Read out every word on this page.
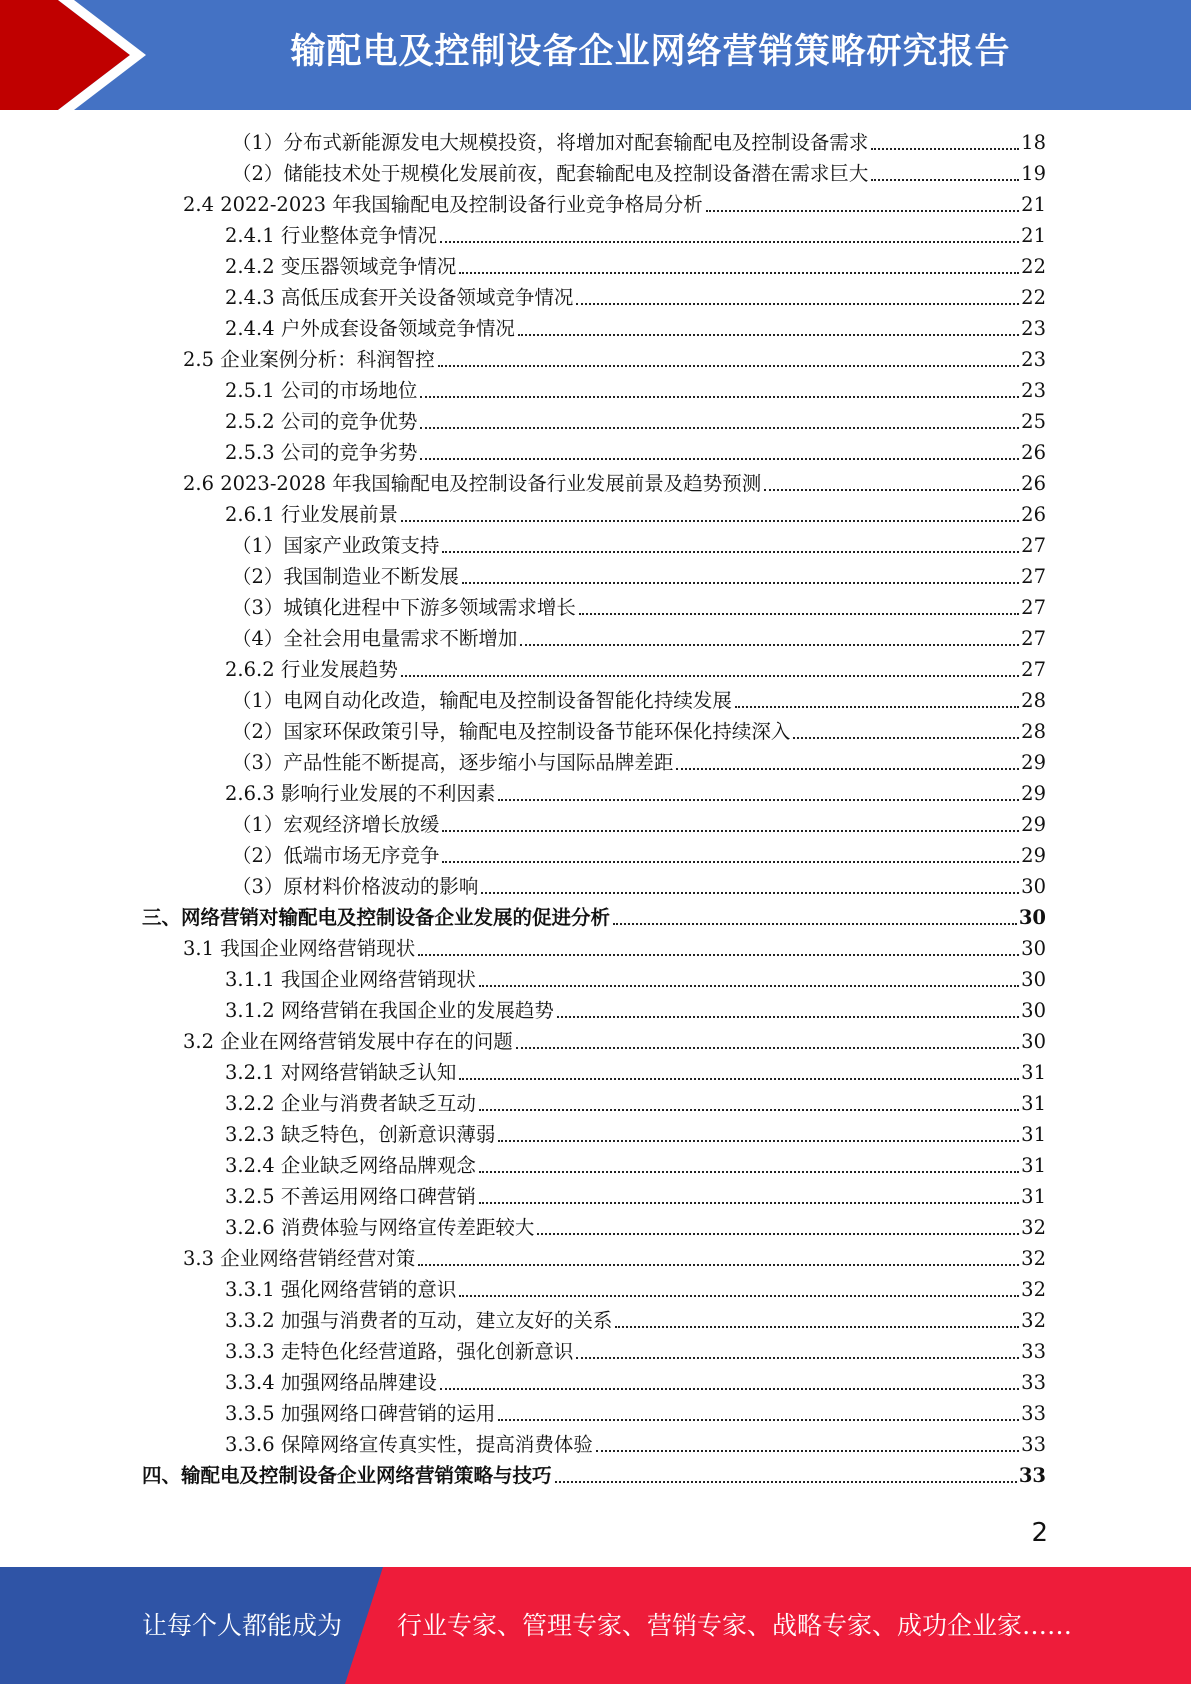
输配电及控制设备企业网络营销策略研究报告
（1）分布式新能源发电大规模投资，将增加对配套输配电及控制设备需求	18
（2）储能技术处于规模化发展前夜，配套输配电及控制设备潜在需求巨大	19
2.4 2022-2023 年我国输配电及控制设备行业竞争格局分析	21
2.4.1 行业整体竞争情况	21
2.4.2 变压器领域竞争情况	22
2.4.3 高低压成套开关设备领域竞争情况	22
2.4.4 户外成套设备领域竞争情况	23
2.5 企业案例分析：科润智控	23
2.5.1 公司的市场地位	23
2.5.2 公司的竞争优势	25
2.5.3 公司的竞争劣势	26
2.6 2023-2028 年我国输配电及控制设备行业发展前景及趋势预测	26
2.6.1 行业发展前景	26
（1）国家产业政策支持	27
（2）我国制造业不断发展	27
（3）城镇化进程中下游多领域需求增长	27
（4）全社会用电量需求不断增加	27
2.6.2 行业发展趋势	27
（1）电网自动化改造，输配电及控制设备智能化持续发展	28
（2）国家环保政策引导，输配电及控制设备节能环保化持续深入	28
（3）产品性能不断提高，逐步缩小与国际品牌差距	29
2.6.3 影响行业发展的不利因素	29
（1）宏观经济增长放缓	29
（2）低端市场无序竞争	29
（3）原材料价格波动的影响	30
三、网络营销对输配电及控制设备企业发展的促进分析	30
3.1 我国企业网络营销现状	30
3.1.1 我国企业网络营销现状	30
3.1.2 网络营销在我国企业的发展趋势	30
3.2 企业在网络营销发展中存在的问题	30
3.2.1 对网络营销缺乏认知	31
3.2.2 企业与消费者缺乏互动	31
3.2.3 缺乏特色，创新意识薄弱	31
3.2.4 企业缺乏网络品牌观念	31
3.2.5 不善运用网络口碑营销	31
3.2.6 消费体验与网络宣传差距较大	32
3.3 企业网络营销经营对策	32
3.3.1 强化网络营销的意识	32
3.3.2 加强与消费者的互动，建立友好的关系	32
3.3.3 走特色化经营道路，强化创新意识	33
3.3.4 加强网络品牌建设	33
3.3.5 加强网络口碑营销的运用	33
3.3.6 保障网络宣传真实性，提高消费体验	33
四、输配电及控制设备企业网络营销策略与技巧	33
2
让每个人都能成为 行业专家、管理专家、营销专家、战略专家、成功企业家……
